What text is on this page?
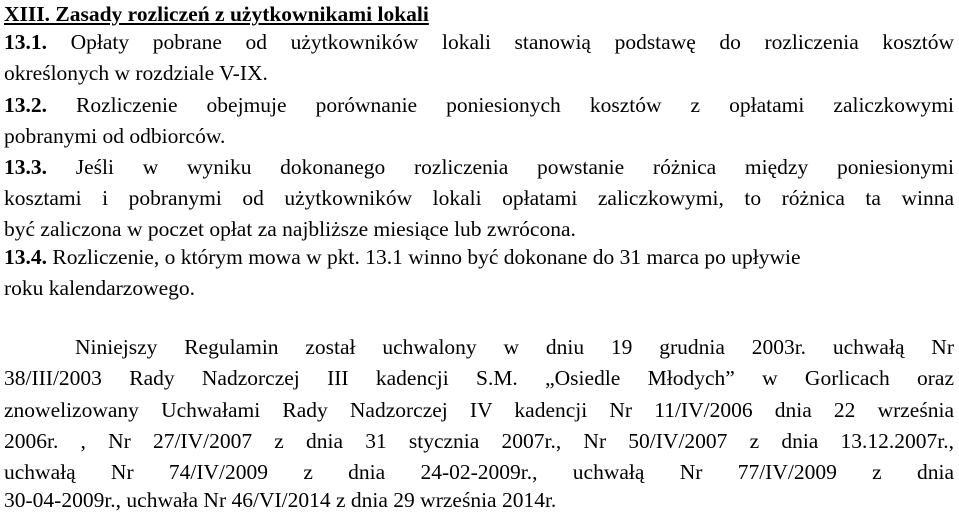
XIII. Zasady rozliczeń z użytkownikami lokali
13.1. Opłaty pobrane od użytkowników lokali stanowią podstawę do rozliczenia kosztów
określonych w rozdziale V-IX.
13.2. Rozliczenie obejmuje porównanie poniesionych kosztów z opłatami zaliczkowymi
pobranymi od odbiorców.
13.3. Jeśli w wyniku dokonanego rozliczenia powstanie różnica między poniesionymi
kosztami i pobranymi od użytkowników lokali opłatami zaliczkowymi, to różnica ta winna
być zaliczona w poczet opłat za najbliższe miesiące lub zwrócona.
13.4. Rozliczenie, o którym mowa w pkt. 13.1 winno być dokonane do 31 marca po upływie
roku kalendarzowego.
Niniejszy Regulamin został uchwalony w dniu 19 grudnia 2003r. uchwałą Nr
38/III/2003 Rady Nadzorczej III kadencji S.M. „Osiedle Młodych” w Gorlicach oraz
znowelizowany Uchwałami Rady Nadzorczej IV kadencji Nr 11/IV/2006 dnia 22 września
2006r. , Nr 27/IV/2007 z dnia 31 stycznia 2007r., Nr 50/IV/2007 z dnia 13.12.2007r.,
uchwałą Nr 74/IV/2009 z dnia 24-02-2009r., uchwałą Nr 77/IV/2009 z dnia
30-04-2009r., uchwała Nr 46/VI/2014 z dnia 29 września 2014r.
